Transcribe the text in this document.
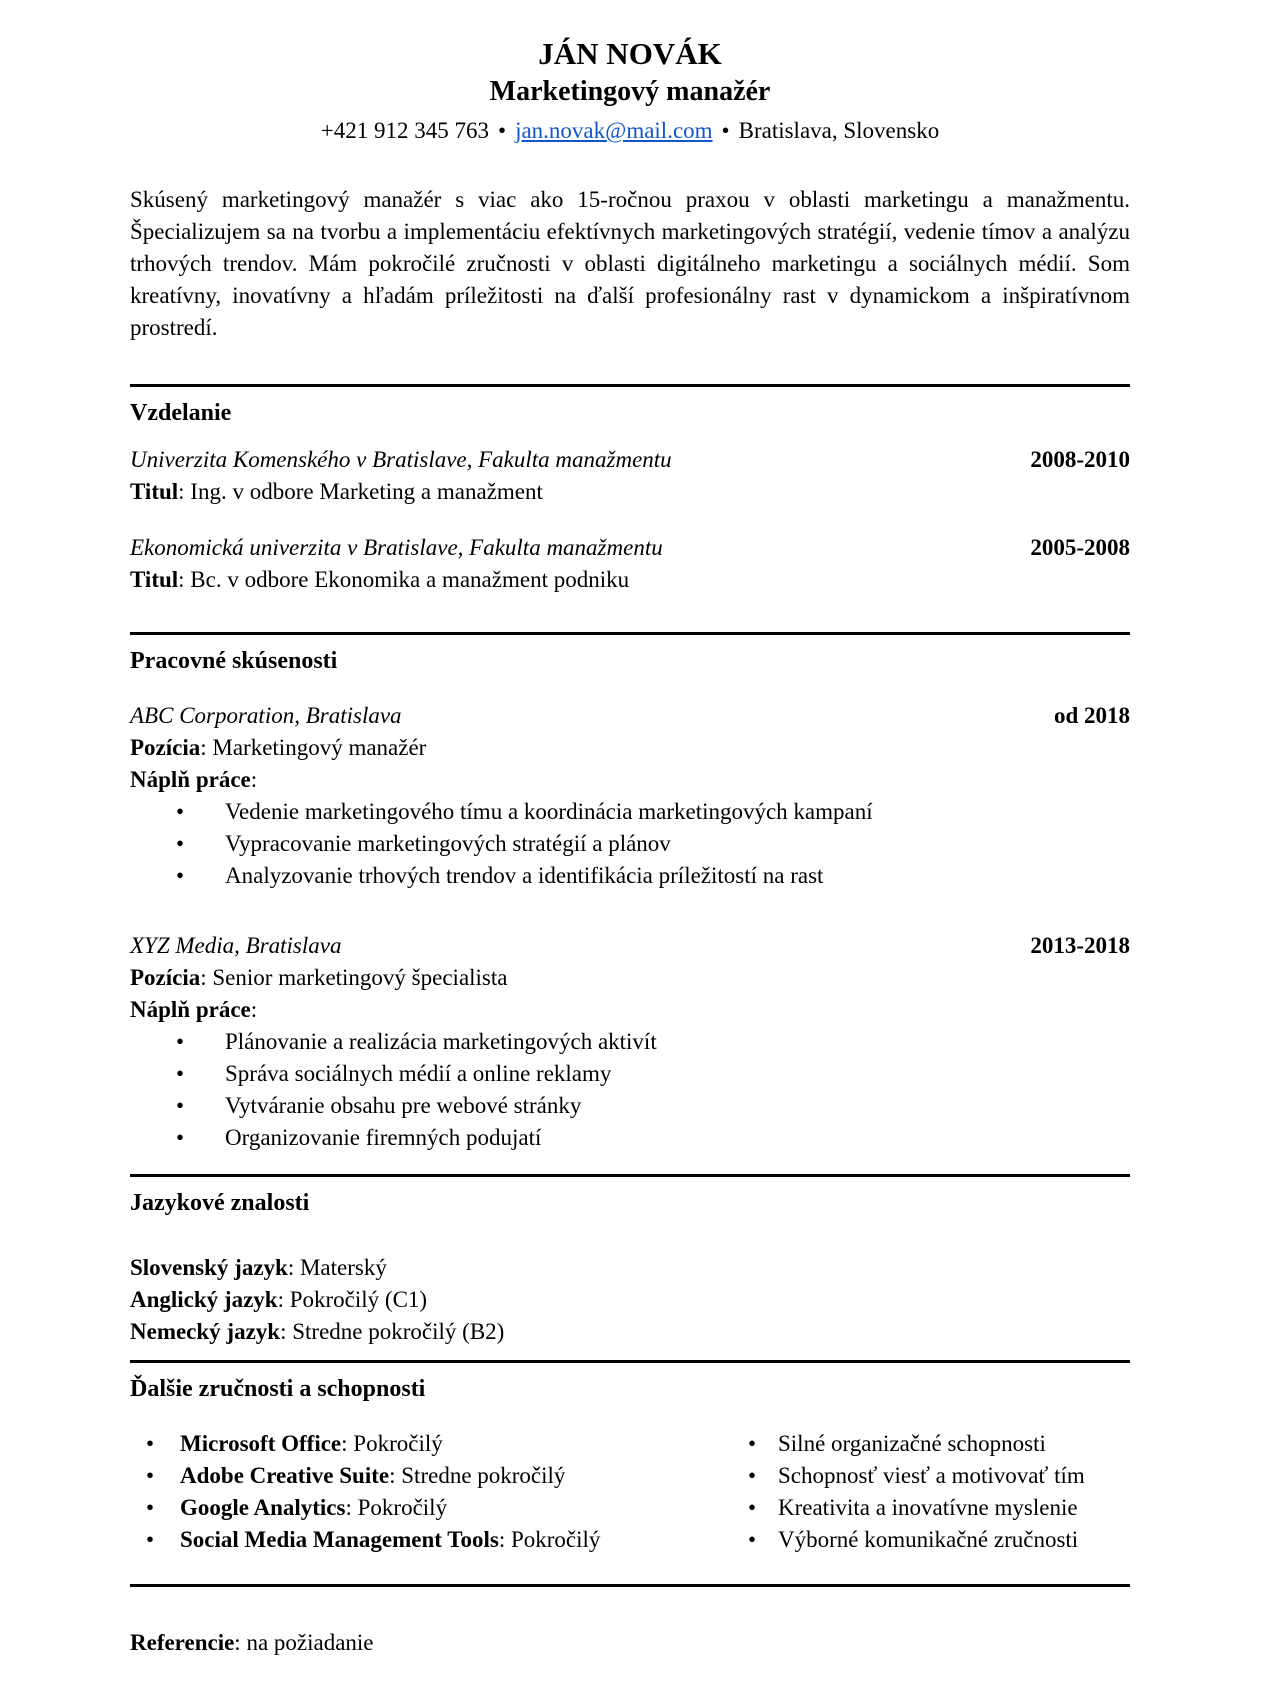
JÁN NOVÁK
Marketingový manažér
+421 912 345 763 • jan.novak@mail.com • Bratislava, Slovensko

Skúsený marketingový manažér s viac ako 15-ročnou praxou v oblasti marketingu a manažmentu. Špecializujem sa na tvorbu a implementáciu efektívnych marketingových stratégií, vedenie tímov a analýzu trhových trendov. Mám pokročilé zručnosti v oblasti digitálneho marketingu a sociálnych médií. Som kreatívny, inovatívny a hľadám príležitosti na ďalší profesionálny rast v dynamickom a inšpiratívnom prostredí.

Vzdelanie
Univerzita Komenského v Bratislave, Fakulta manažmentu	2008-2010
Titul: Ing. v odbore Marketing a manažment
Ekonomická univerzita v Bratislave, Fakulta manažmentu	2005-2008
Titul: Bc. v odbore Ekonomika a manažment podniku
Pracovné skúsenosti
ABC Corporation, Bratislava	od 2018
Pozícia: Marketingový manažér
Náplň práce:
• Vedenie marketingového tímu a koordinácia marketingových kampaní
• Vypracovanie marketingových stratégií a plánov
• Analyzovanie trhových trendov a identifikácia príležitostí na rast
XYZ Media, Bratislava	2013-2018
Pozícia: Senior marketingový špecialista
Náplň práce:
• Plánovanie a realizácia marketingových aktivít
• Správa sociálnych médií a online reklamy
• Vytváranie obsahu pre webové stránky
• Organizovanie firemných podujatí
Jazykové znalosti
Slovenský jazyk: Materský
Anglický jazyk: Pokročilý (C1)
Nemecký jazyk: Stredne pokročilý (B2)
Ďalšie zručnosti a schopnosti
• Microsoft Office: Pokročilý
• Adobe Creative Suite: Stredne pokročilý
• Google Analytics: Pokročilý
• Social Media Management Tools: Pokročilý
• Silné organizačné schopnosti
• Schopnosť viesť a motivovať tím
• Kreativita a inovatívne myslenie
• Výborné komunikačné zručnosti
Referencie: na požiadanie
